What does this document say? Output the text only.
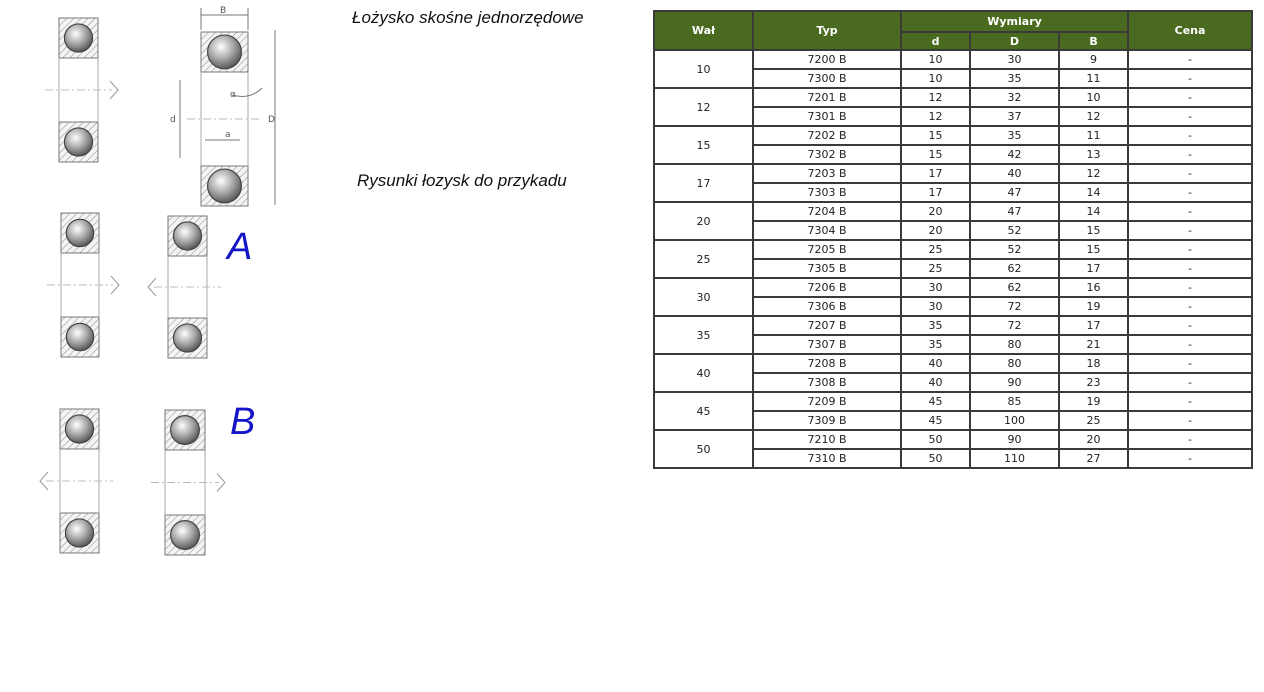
B
d	D
a
α
Łożysko skośne jednorzędowe
Rysunki łozysk do przykadu
A
B
Wał	Typ	Wymiary			Cena
		d	D	B	
10	7200 B	10	30	9	-
	7300 B	10	35	11	-
12	7201 B	12	32	10	-
	7301 B	12	37	12	-
15	7202 B	15	35	11	-
	7302 B	15	42	13	-
17	7203 B	17	40	12	-
	7303 B	17	47	14	-
20	7204 B	20	47	14	-
	7304 B	20	52	15	-
25	7205 B	25	52	15	-
	7305 B	25	62	17	-
30	7206 B	30	62	16	-
	7306 B	30	72	19	-
35	7207 B	35	72	17	-
	7307 B	35	80	21	-
40	7208 B	40	80	18	-
	7308 B	40	90	23	-
45	7209 B	45	85	19	-
	7309 B	45	100	25	-
50	7210 B	50	90	20	-
	7310 B	50	110	27	-
